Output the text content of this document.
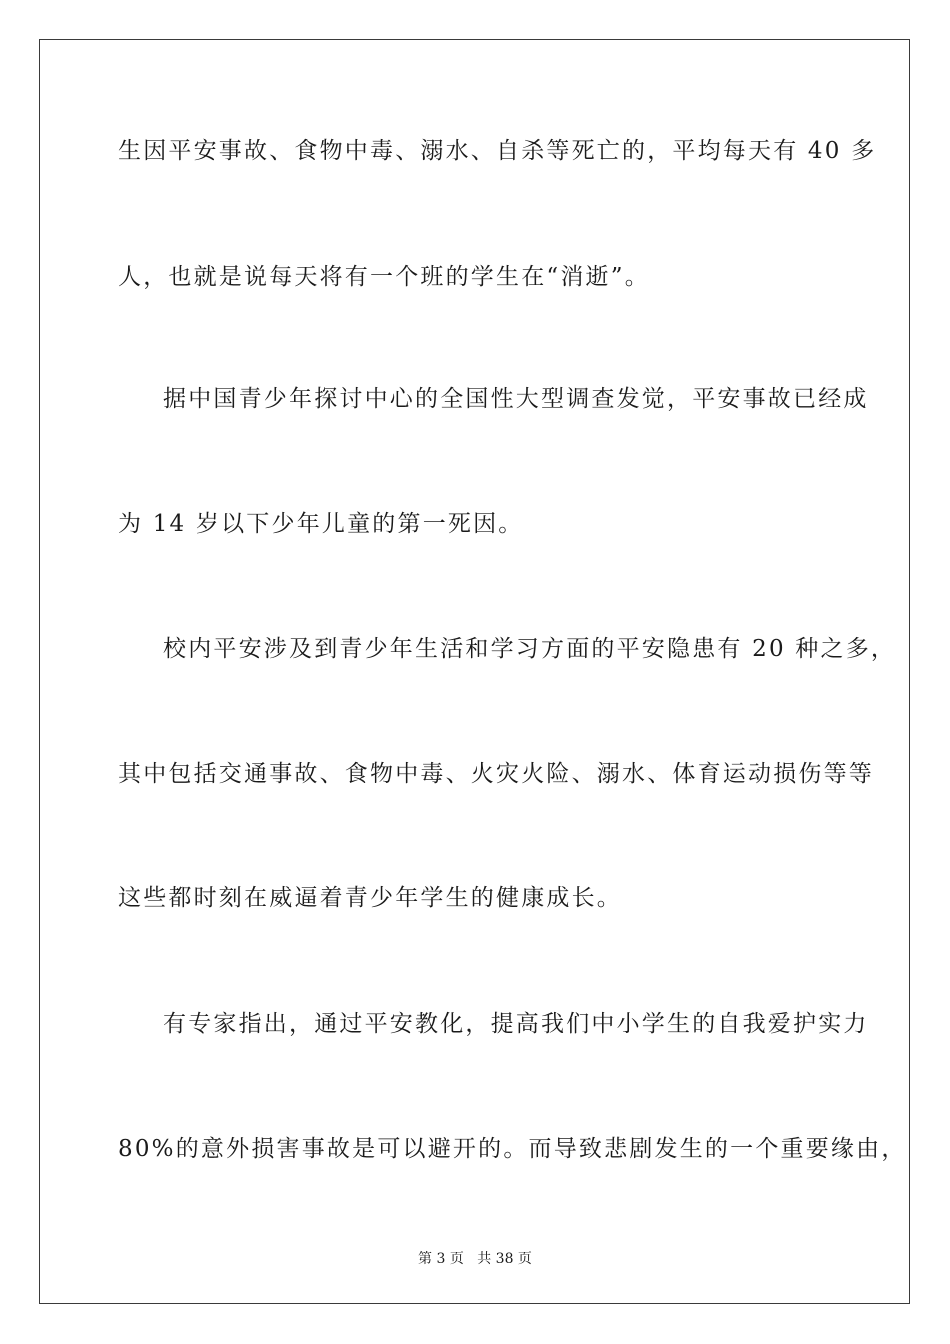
生因平安事故、食物中毒、溺水、自杀等死亡的，平均每天有 40 多
人，也就是说每天将有一个班的学生在“消逝”。
据中国青少年探讨中心的全国性大型调查发觉，平安事故已经成
为 14 岁以下少年儿童的第一死因。
校内平安涉及到青少年生活和学习方面的平安隐患有 20 种之多，
其中包括交通事故、食物中毒、火灾火险、溺水、体育运动损伤等等
这些都时刻在威逼着青少年学生的健康成长。
有专家指出，通过平安教化，提高我们中小学生的自我爱护实力
80%的意外损害事故是可以避开的。而导致悲剧发生的一个重要缘由，
第 3 页 共 38 页
